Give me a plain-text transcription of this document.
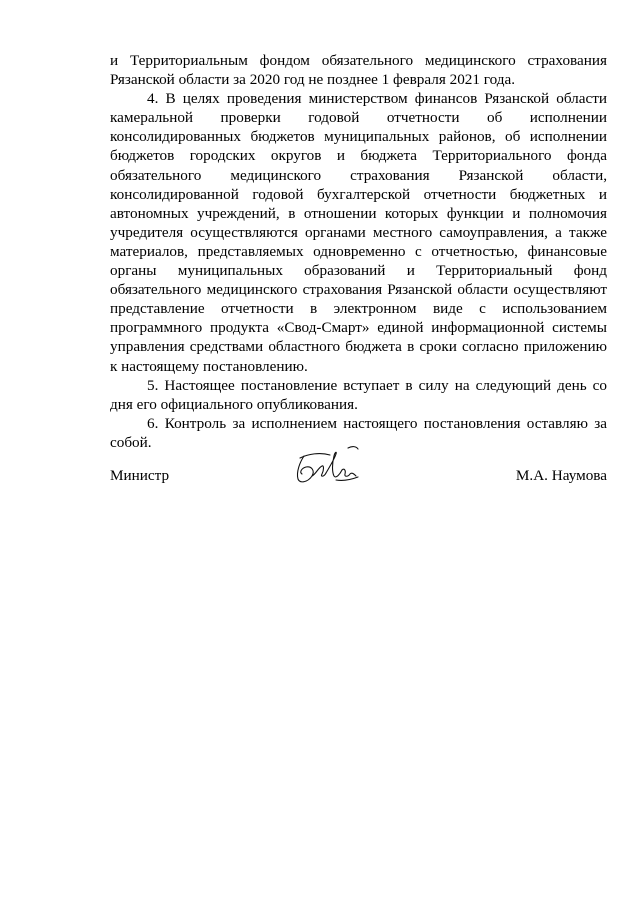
и Территориальным фондом обязательного медицинского страхования Рязанской области за 2020 год не позднее 1 февраля 2021 года.

4. В целях проведения министерством финансов Рязанской области камеральной проверки годовой отчетности об исполнении консолидированных бюджетов муниципальных районов, об исполнении бюджетов городских округов и бюджета Территориального фонда обязательного медицинского страхования Рязанской области, консолидированной годовой бухгалтерской отчетности бюджетных и автономных учреждений, в отношении которых функции и полномочия учредителя осуществляются органами местного самоуправления, а также материалов, представляемых одновременно с отчетностью, финансовые органы муниципальных образований и Территориальный фонд обязательного медицинского страхования Рязанской области осуществляют представление отчетности в электронном виде с использованием программного продукта «Свод-Смарт» единой информационной системы управления средствами областного бюджета в сроки согласно приложению к настоящему постановлению.

5. Настоящее постановление вступает в силу на следующий день со дня его официального опубликования.

6. Контроль за исполнением настоящего постановления оставляю за собой.

Министр	М.А. Наумова
